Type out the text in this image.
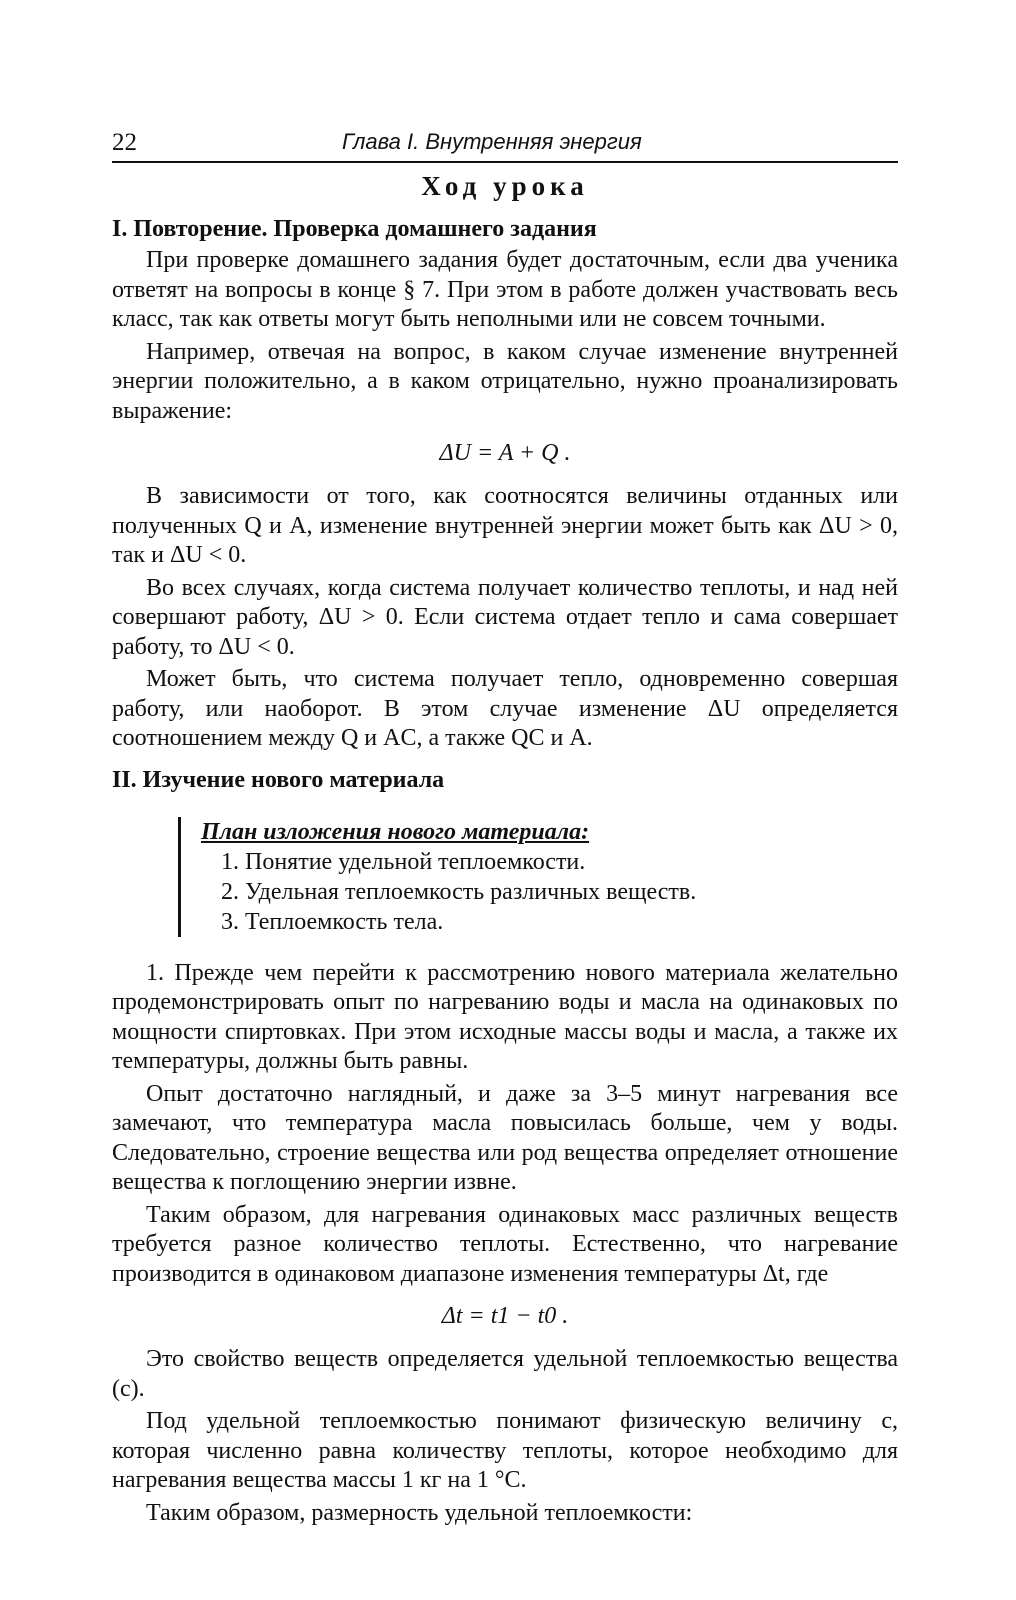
22	Глава I. Внутренняя энергия
Ход урока
I. Повторение. Проверка домашнего задания

При проверке домашнего задания будет достаточным, если два ученика ответят на вопросы в конце § 7. При этом в работе должен участвовать весь класс, так как ответы могут быть неполными или не совсем точными.

Например, отвечая на вопрос, в каком случае изменение внутренней энергии положительно, а в каком отрицательно, нужно проанализировать выражение:

ΔU = A + Q .

В зависимости от того, как соотносятся величины отданных или полученных Q и A, изменение внутренней энергии может быть как ΔU > 0, так и ΔU < 0.

Во всех случаях, когда система получает количество теплоты, и над ней совершают работу, ΔU > 0. Если система отдает тепло и сама совершает работу, то ΔU < 0.

Может быть, что система получает тепло, одновременно совершая работу, или наоборот. В этом случае изменение ΔU определяется соотношением между Q и AC, а также QC и A.

II. Изучение нового материала
План изложения нового материала:
1. Понятие удельной теплоемкости.
2. Удельная теплоемкость различных веществ.
3. Теплоемкость тела.

1. Прежде чем перейти к рассмотрению нового материала желательно продемонстрировать опыт по нагреванию воды и масла на одинаковых по мощности спиртовках. При этом исходные массы воды и масла, а также их температуры, должны быть равны.

Опыт достаточно наглядный, и даже за 3–5 минут нагревания все замечают, что температура масла повысилась больше, чем у воды. Следовательно, строение вещества или род вещества определяет отношение вещества к поглощению энергии извне.

Таким образом, для нагревания одинаковых масс различных веществ требуется разное количество теплоты. Естественно, что нагревание производится в одинаковом диапазоне изменения температуры Δt, где

Δt = t1 − t0 .

Это свойство веществ определяется удельной теплоемкостью вещества (c).

Под удельной теплоемкостью понимают физическую величину c, которая численно равна количеству теплоты, которое необходимо для нагревания вещества массы 1 кг на 1 °C.

Таким образом, размерность удельной теплоемкости:
